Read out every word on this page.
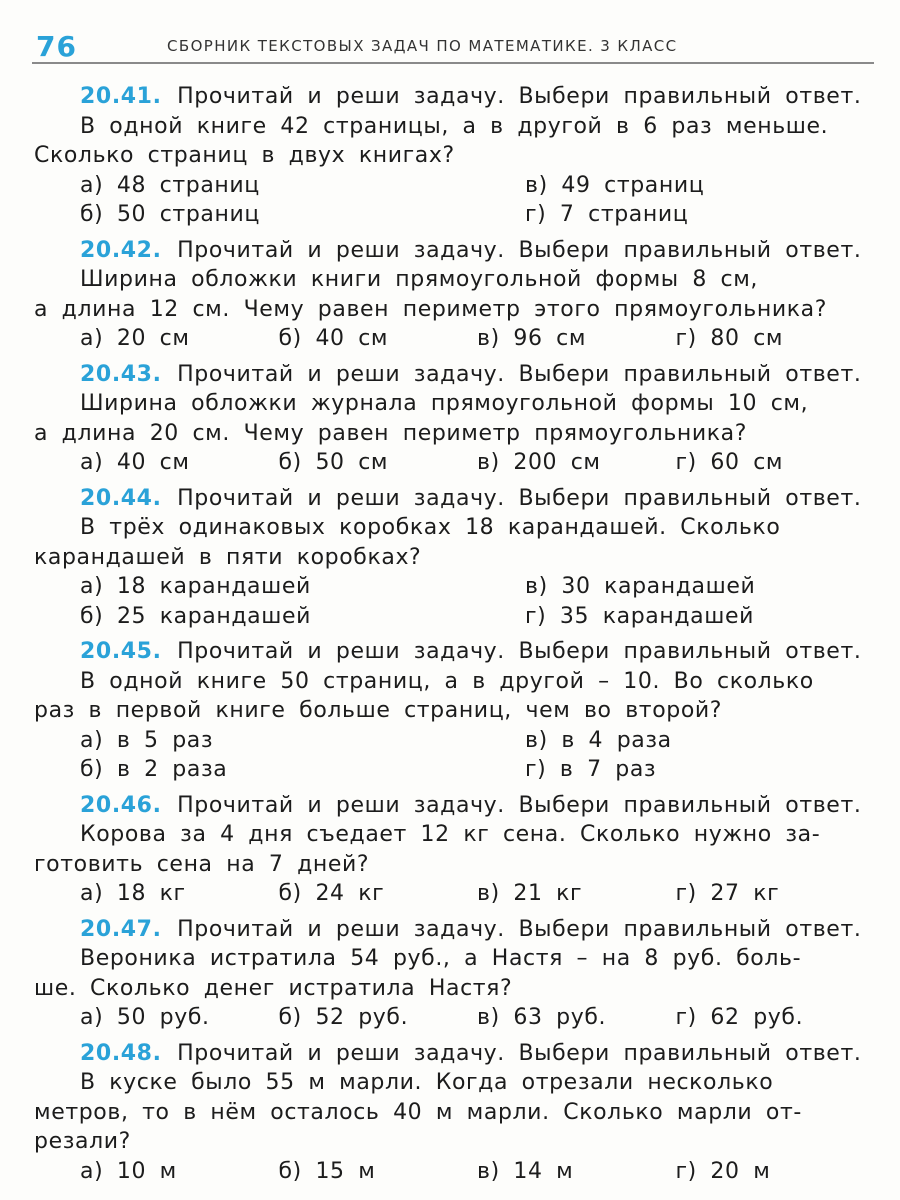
76	СБОРНИК ТЕКСТОВЫХ ЗАДАЧ ПО МАТЕМАТИКЕ. 3 КЛАСС
20.41. Прочитай и реши задачу. Выбери правильный ответ.
В одной книге 42 страницы, а в другой в 6 раз меньше.
Сколько страниц в двух книгах?
а) 48 страниц	в) 49 страниц
б) 50 страниц	г) 7 страниц
20.42. Прочитай и реши задачу. Выбери правильный ответ.
Ширина обложки книги прямоугольной формы 8 см,
а длина 12 см. Чему равен периметр этого прямоугольника?
а) 20 см	б) 40 см	в) 96 см	г) 80 см
20.43. Прочитай и реши задачу. Выбери правильный ответ.
Ширина обложки журнала прямоугольной формы 10 см,
а длина 20 см. Чему равен периметр прямоугольника?
а) 40 см	б) 50 см	в) 200 см	г) 60 см
20.44. Прочитай и реши задачу. Выбери правильный ответ.
В трёх одинаковых коробках 18 карандашей. Сколько
карандашей в пяти коробках?
а) 18 карандашей	в) 30 карандашей
б) 25 карандашей	г) 35 карандашей
20.45. Прочитай и реши задачу. Выбери правильный ответ.
В одной книге 50 страниц, а в другой – 10. Во сколько
раз в первой книге больше страниц, чем во второй?
а) в 5 раз	в) в 4 раза
б) в 2 раза	г) в 7 раз
20.46. Прочитай и реши задачу. Выбери правильный ответ.
Корова за 4 дня съедает 12 кг сена. Сколько нужно за-
готовить сена на 7 дней?
а) 18 кг	б) 24 кг	в) 21 кг	г) 27 кг
20.47. Прочитай и реши задачу. Выбери правильный ответ.
Вероника истратила 54 руб., а Настя – на 8 руб. боль-
ше. Сколько денег истратила Настя?
а) 50 руб.	б) 52 руб.	в) 63 руб.	г) 62 руб.
20.48. Прочитай и реши задачу. Выбери правильный ответ.
В куске было 55 м марли. Когда отрезали несколько
метров, то в нём осталось 40 м марли. Сколько марли от-
резали?
а) 10 м	б) 15 м	в) 14 м	г) 20 м
